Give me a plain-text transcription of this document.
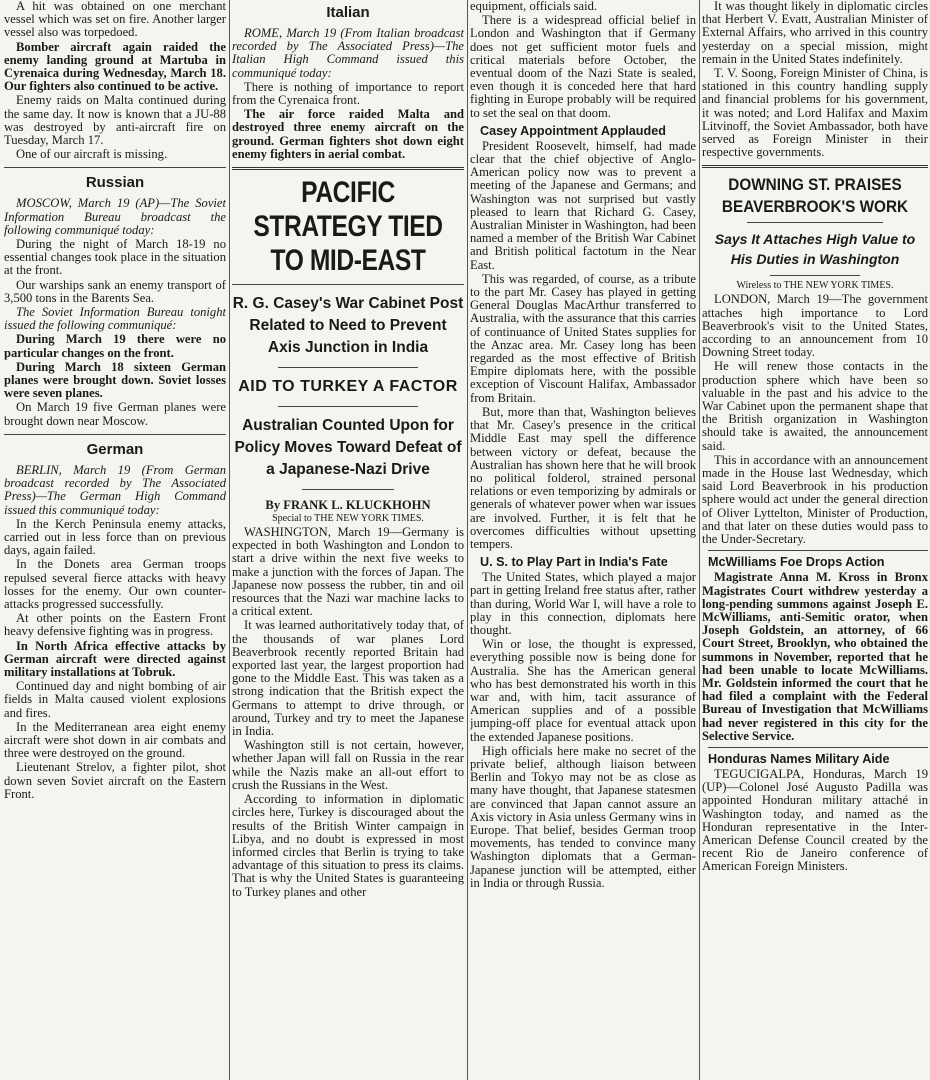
A hit was obtained on one merchant vessel which was set on fire. Another larger vessel also was torpedoed.

Bomber aircraft again raided the enemy landing ground at Martuba in Cyrenaica during Wednesday, March 18. Our fighters also continued to be active.

Enemy raids on Malta continued during the same day. It now is known that a JU-88 was destroyed by anti-aircraft fire on Tuesday, March 17.

One of our aircraft is missing.

Russian

MOSCOW, March 19 (AP)—The Soviet Information Bureau broadcast the following communiqué today:

During the night of March 18-19 no essential changes took place in the situation at the front.

Our warships sank an enemy transport of 3,500 tons in the Barents Sea.

The Soviet Information Bureau tonight issued the following communiqué:

During March 19 there were no particular changes on the front.

During March 18 sixteen German planes were brought down. Soviet losses were seven planes.

On March 19 five German planes were brought down near Moscow.

German

BERLIN, March 19 (From German broadcast recorded by The Associated Press)—The German High Command issued this communiqué today:

In the Kerch Peninsula enemy attacks, carried out in less force than on previous days, again failed.

In the Donets area German troops repulsed several fierce attacks with heavy losses for the enemy. Our own counter-attacks progressed successfully.

At other points on the Eastern Front heavy defensive fighting was in progress.

In North Africa effective attacks by German aircraft were directed against military installations at Tobruk.

Continued day and night bombing of air fields in Malta caused violent explosions and fires.

In the Mediterranean area eight enemy aircraft were shot down in air combats and three were destroyed on the ground.

Lieutenant Strelov, a fighter pilot, shot down seven Soviet aircraft on the Eastern Front.

Italian

ROME, March 19 (From Italian broadcast recorded by The Associated Press)—The Italian High Command issued this communiqué today:

There is nothing of importance to report from the Cyrenaica front.

The air force raided Malta and destroyed three enemy aircraft on the ground. German fighters shot down eight enemy fighters in aerial combat.

PACIFIC STRATEGY TIED TO MID-EAST
R. G. Casey's War Cabinet Post Related to Need to Prevent Axis Junction in India
AID TO TURKEY A FACTOR
Australian Counted Upon for Policy Moves Toward Defeat of a Japanese-Nazi Drive
By FRANK L. KLUCKHOHN
Special to THE NEW YORK TIMES.

WASHINGTON, March 19—Germany is expected in both Washington and London to start a drive within the next five weeks to make a junction with the forces of Japan. The Japanese now possess the rubber, tin and oil resources that the Nazi war machine lacks to a critical extent.

It was learned authoritatively today that, of the thousands of war planes Lord Beaverbrook recently reported Britain had exported last year, the largest proportion had gone to the Middle East. This was taken as a strong indication that the British expect the Germans to attempt to drive through, or around, Turkey and try to meet the Japanese in India.

Washington still is not certain, however, whether Japan will fall on Russia in the rear while the Nazis make an all-out effort to crush the Russians in the West.

According to information in diplomatic circles here, Turkey is discouraged about the results of the British Winter campaign in Libya, and no doubt is expressed in most informed circles that Berlin is trying to take advantage of this situation to press its claims. That is why the United States is guaranteeing to Turkey planes and other

equipment, officials said.

There is a widespread official belief in London and Washington that if Germany does not get sufficient motor fuels and critical materials before October, the eventual doom of the Nazi State is sealed, even though it is conceded here that hard fighting in Europe probably will be required to set the seal on that doom.

Casey Appointment Applauded

President Roosevelt, himself, had made clear that the chief objective of Anglo-American policy now was to prevent a meeting of the Japanese and Germans; and Washington was not surprised but vastly pleased to learn that Richard G. Casey, Australian Minister in Washington, had been named a member of the British War Cabinet and British political factotum in the Near East.

This was regarded, of course, as a tribute to the part Mr. Casey has played in getting General Douglas MacArthur transferred to Australia, with the assurance that this carries of continuance of United States supplies for the Anzac area. Mr. Casey long has been regarded as the most effective of British Empire diplomats here, with the possible exception of Viscount Halifax, Ambassador from Britain.

But, more than that, Washington believes that Mr. Casey's presence in the critical Middle East may spell the difference between victory or defeat, because the Australian has shown here that he will brook no political folderol, strained personal relations or even temporizing by admirals or generals of whatever power when war issues are involved. Further, it is felt that he overcomes difficulties without upsetting tempers.

U. S. to Play Part in India's Fate

The United States, which played a major part in getting Ireland free status after, rather than during, World War I, will have a role to play in this connection, diplomats here thought.

Win or lose, the thought is expressed, everything possible now is being done for Australia. She has the American general who has best demonstrated his worth in this war and, with him, tacit assurance of American supplies and of a possible jumping-off place for eventual attack upon the extended Japanese positions.

High officials here make no secret of the private belief, although liaison between Berlin and Tokyo may not be as close as many have thought, that Japanese statesmen are convinced that Japan cannot assure an Axis victory in Asia unless Germany wins in Europe. That belief, besides German troop movements, has tended to convince many Washington diplomats that a German-Japanese junction will be attempted, either in India or through Russia.

It was thought likely in diplomatic circles that Herbert V. Evatt, Australian Minister of External Affairs, who arrived in this country yesterday on a special mission, might remain in the United States indefinitely.

T. V. Soong, Foreign Minister of China, is stationed in this country handling supply and financial problems for his government, it was noted; and Lord Halifax and Maxim Litvinoff, the Soviet Ambassador, both have served as Foreign Minister in their respective governments.

DOWNING ST. PRAISES BEAVERBROOK'S WORK
Says It Attaches High Value to His Duties in Washington
Wireless to THE NEW YORK TIMES.

LONDON, March 19—The government attaches high importance to Lord Beaverbrook's visit to the United States, according to an announcement from 10 Downing Street today.

He will renew those contacts in the production sphere which have been so valuable in the past and his advice to the War Cabinet upon the permanent shape that the British organization in Washington should take is awaited, the announcement said.

This in accordance with an announcement made in the House last Wednesday, which said Lord Beaverbrook in his production sphere would act under the general direction of Oliver Lyttelton, Minister of Production, and that later on these duties would pass to the Under-Secretary.

McWilliams Foe Drops Action

Magistrate Anna M. Kross in Bronx Magistrates Court withdrew yesterday a long-pending summons against Joseph E. McWilliams, anti-Semitic orator, when Joseph Goldstein, an attorney, of 66 Court Street, Brooklyn, who obtained the summons in November, reported that he had been unable to locate McWilliams. Mr. Goldstein informed the court that he had filed a complaint with the Federal Bureau of Investigation that McWilliams had never registered in this city for the Selective Service.

Honduras Names Military Aide

TEGUCIGALPA, Honduras, March 19 (UP)—Colonel José Augusto Padilla was appointed Honduran military attaché in Washington today, and named as the Honduran representative in the Inter-American Defense Council created by the recent Rio de Janeiro conference of American Foreign Ministers.
